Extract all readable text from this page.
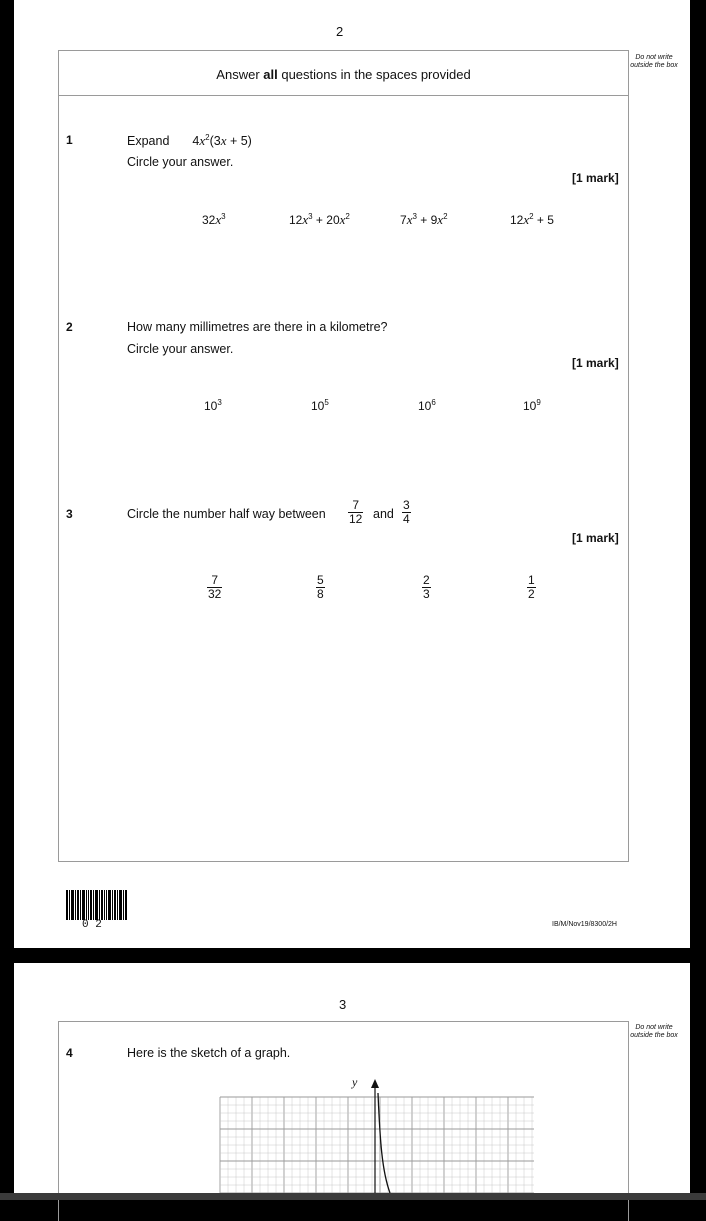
2
Do not write outside the box
Answer all questions in the spaces provided
1	Expand $4x^2(3x + 5)$
Circle your answer.
[1 mark]
$32x^3$	$12x^3 + 20x^2$	$7x^3 + 9x^2$	$12x^2 + 5$
2	How many millimetres are there in a kilometre?
Circle your answer.
[1 mark]
$10^3$	$10^5$	$10^6$	$10^9$
3	Circle the number half way between
7
12 and
3
4
[1 mark]
7
32
5
8
2
3
1
2
0 2	IB/M/Nov19/8300/2H
3
Do not write outside the box
4	Here is the sketch of a graph.
y
